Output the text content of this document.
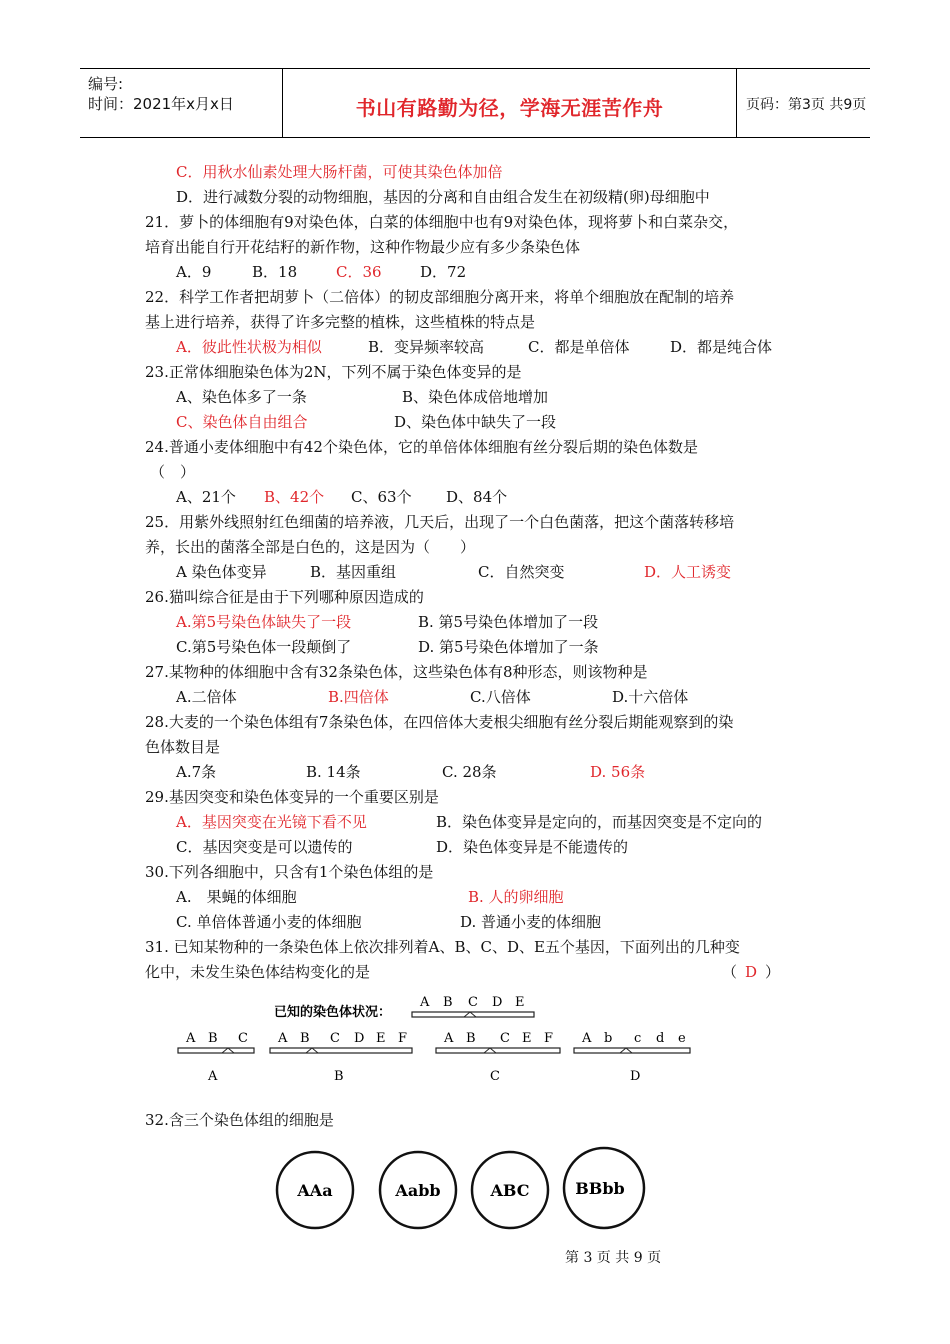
编号:
时间：2021年x月x日	书山有路勤为径，学海无涯苦作舟	页码：第3页 共9页
C．用秋水仙素处理大肠杆菌，可使其染色体加倍
D．进行减数分裂的动物细胞，基因的分离和自由组合发生在初级精(卵)母细胞中
21．萝卜的体细胞有9对染色体，白菜的体细胞中也有9对染色体，现将萝卜和白菜杂交，
培育出能自行开花结籽的新作物，这种作物最少应有多少条染色体
A．9	B．18	C．36	D．72
22．科学工作者把胡萝卜（二倍体）的韧皮部细胞分离开来，将单个细胞放在配制的培养
基上进行培养，获得了许多完整的植株，这些植株的特点是
A．彼此性状极为相似	B．变异频率较高	C．都是单倍体	D．都是纯合体
23.正常体细胞染色体为2N，下列不属于染色体变异的是
A、染色体多了一条	B、染色体成倍地增加
C、染色体自由组合	D、染色体中缺失了一段
24.普通小麦体细胞中有42个染色体，它的单倍体体细胞有丝分裂后期的染色体数是
（　）
A、21个 B、42个 C、63个 D、84个
25．用紫外线照射红色细菌的培养液，几天后，出现了一个白色菌落，把这个菌落转移培
养，长出的菌落全部是白色的，这是因为（　　）
A 染色体变异	B．基因重组	C．自然突变	D．人工诱变
26.猫叫综合征是由于下列哪种原因造成的
A.第5号染色体缺失了一段	B. 第5号染色体增加了一段
C.第5号染色体一段颠倒了	D. 第5号染色体增加了一条
27.某物种的体细胞中含有32条染色体，这些染色体有8种形态，则该物种是
A.二倍体	B.四倍体	C.八倍体	D.十六倍体
28.大麦的一个染色体组有7条染色体，在四倍体大麦根尖细胞有丝分裂后期能观察到的染
色体数目是
A.7条	B. 14条	C. 28条	D. 56条
29.基因突变和染色体变异的一个重要区别是
A．基因突变在光镜下看不见	B．染色体变异是定向的，而基因突变是不定向的
C．基因突变是可以遗传的	D．染色体变异是不能遗传的
30.下列各细胞中，只含有1个染色体组的是
A.　果蝇的体细胞	B. 人的卵细胞
C. 单倍体普通小麦的体细胞	D. 普通小麦的体细胞
31. 已知某物种的一条染色体上依次排列着A、B、C、D、E五个基因，下面列出的几种变
化中，未发生染色体结构变化的是	（ D ）
已知的染色体状况：
A B C D E
A B C
A
A B C D E F
B
A B C E F
C
A b c d e
D
32.含三个染色体组的细胞是
AAa	Aabb	ABC	BBbb
第 3 页 共 9 页
